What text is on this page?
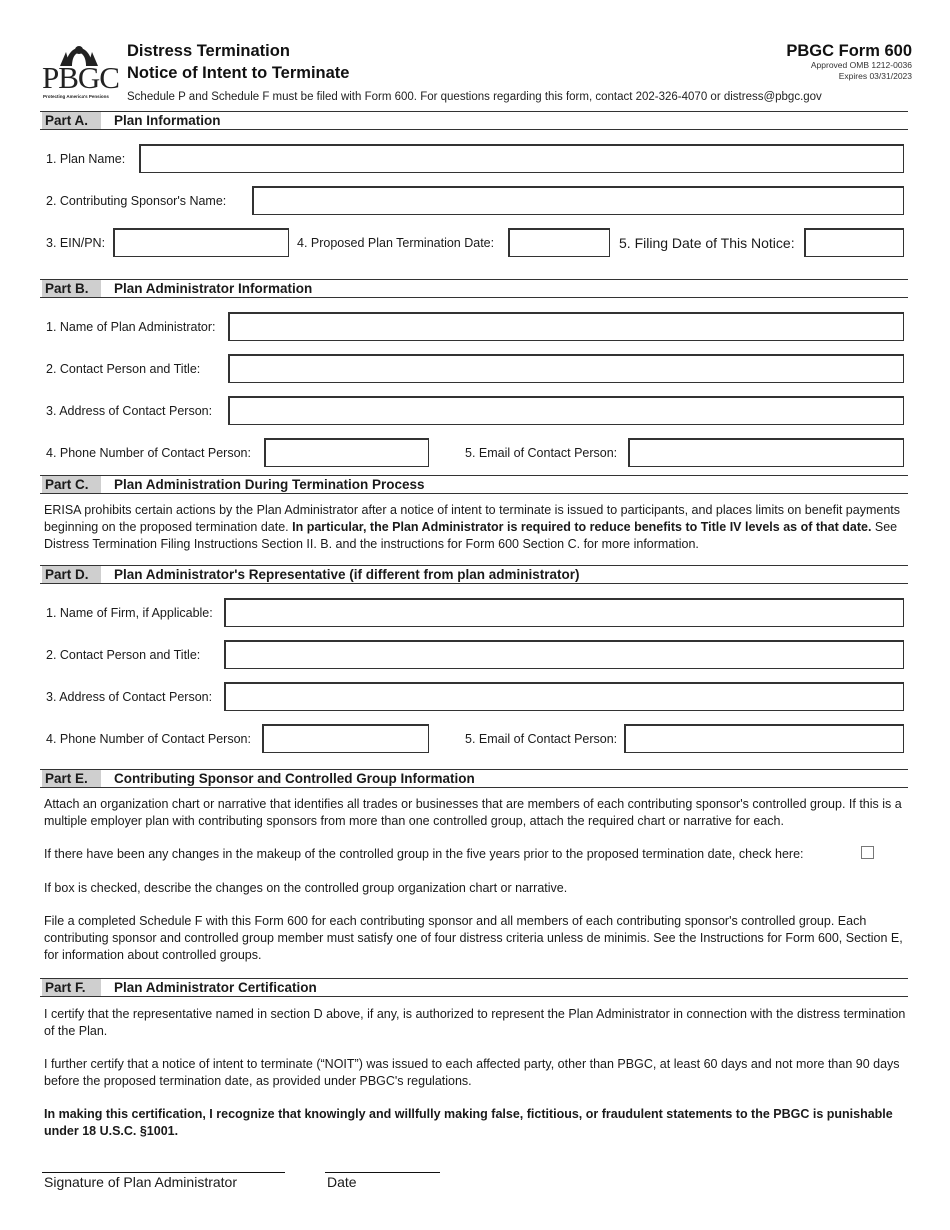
PBGC
Protecting America's Pensions
Distress Termination
Notice of Intent to Terminate
PBGC Form 600
Approved OMB 1212-0036
Expires 03/31/2023
Schedule P and Schedule F must be filed with Form 600. For questions regarding this form, contact 202-326-4070 or distress@pbgc.gov
Part A.	Plan Information
1. Plan Name:
2. Contributing Sponsor's Name:
3. EIN/PN:	4. Proposed Plan Termination Date:	5. Filing Date of This Notice:
Part B.	Plan Administrator Information
1. Name of Plan Administrator:
2. Contact Person and Title:
3. Address of Contact Person:
4. Phone Number of Contact Person:	5. Email of Contact Person:
Part C.	Plan Administration During Termination Process
ERISA prohibits certain actions by the Plan Administrator after a notice of intent to terminate is issued to participants, and places limits on benefit payments beginning on the proposed termination date. In particular, the Plan Administrator is required to reduce benefits to Title IV levels as of that date. See Distress Termination Filing Instructions Section II. B. and the instructions for Form 600 Section C. for more information.
Part D.	Plan Administrator's Representative (if different from plan administrator)
1. Name of Firm, if Applicable:
2. Contact Person and Title:
3. Address of Contact Person:
4. Phone Number of Contact Person:	5. Email of Contact Person:
Part E.	Contributing Sponsor and Controlled Group Information
Attach an organization chart or narrative that identifies all trades or businesses that are members of each contributing sponsor's controlled group. If this is a multiple employer plan with contributing sponsors from more than one controlled group, attach the required chart or narrative for each.
If there have been any changes in the makeup of the controlled group in the five years prior to the proposed termination date, check here:
If box is checked, describe the changes on the controlled group organization chart or narrative.
File a completed Schedule F with this Form 600 for each contributing sponsor and all members of each contributing sponsor's controlled group. Each contributing sponsor and controlled group member must satisfy one of four distress criteria unless de minimis. See the Instructions for Form 600, Section E, for information about controlled groups.
Part F.	Plan Administrator Certification
I certify that the representative named in section D above, if any, is authorized to represent the Plan Administrator in connection with the distress termination of the Plan.
I further certify that a notice of intent to terminate (“NOIT”) was issued to each affected party, other than PBGC, at least 60 days and not more than 90 days before the proposed termination date, as provided under PBGC's regulations.
In making this certification, I recognize that knowingly and willfully making false, fictitious, or fraudulent statements to the PBGC is punishable under 18 U.S.C. §1001.
Signature of Plan Administrator	Date
